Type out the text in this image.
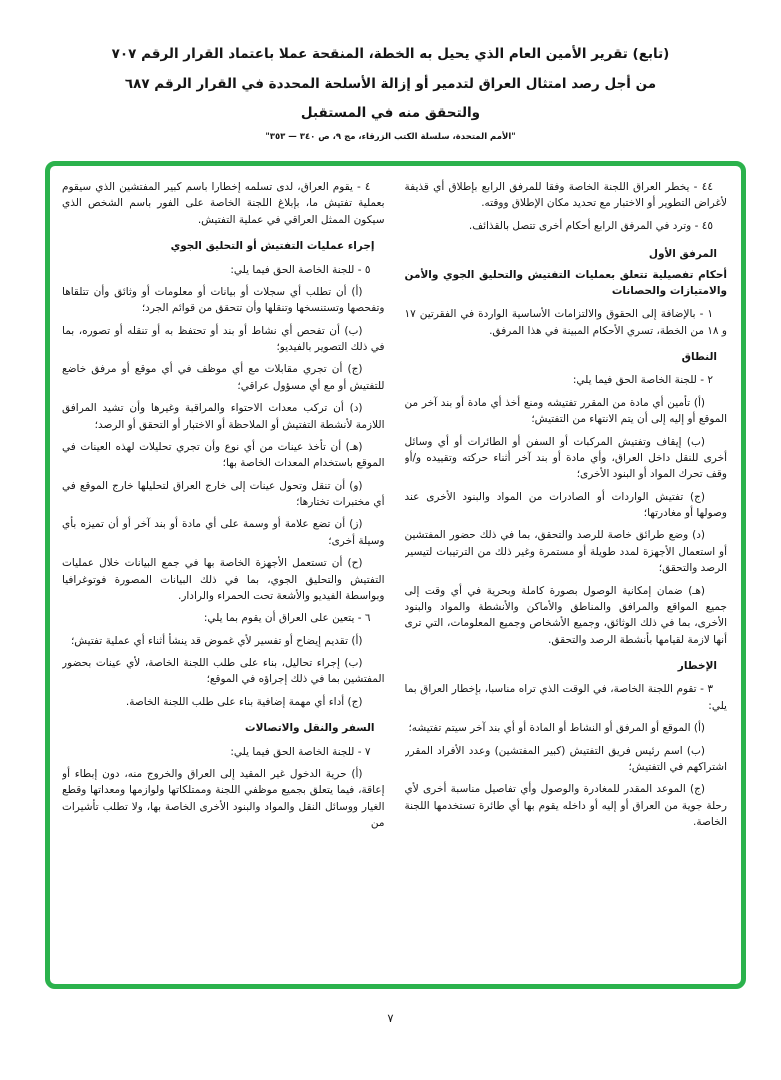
(تابع) تقرير الأمين العام الذي يحيل به الخطة، المنقحة عملا باعتماد القرار الرقم ٧٠٧
من أجل رصد امتثال العراق لتدمير أو إزالة الأسلحة المحددة في القرار الرقم ٦٨٧
والتحقق منه في المستقبل
"الأمم المتحدة، سلسلة الكتب الزرقاء، مج ٩، ص ٣٤٠ — ٣٥٣"
٤٤ - يخطر العراق اللجنة الخاصة وفقا للمرفق الرابع بإطلاق أي قذيفة لأغراض التطوير أو الاختبار مع تحديد مكان الإطلاق ووقته.
٤٥ - وترد في المرفق الرابع أحكام أخرى تتصل بالقذائف.
المرفق الأول
أحكام تفصيلية تتعلق بعمليات التفتيش والتحليق الجوي والأمن والامتيازات والحصانات
١ - بالإضافة إلى الحقوق والالتزامات الأساسية الواردة في الفقرتين ١٧ و ١٨ من الخطة، تسري الأحكام المبينة في هذا المرفق.
النطاق
٢ - للجنة الخاصة الحق فيما يلي:
(أ) تأمين أي مادة من المقرر تفتيشه ومنع أخذ أي مادة أو بند آخر من الموقع أو إليه إلى أن يتم الانتهاء من التفتيش؛
(ب) إيقاف وتفتيش المركبات أو السفن أو الطائرات أو أي وسائل أخرى للنقل داخل العراق، وأي مادة أو بند آخر أثناء حركته وتقييده و/أو وقف تحرك المواد أو البنود الأخرى؛
(ج) تفتيش الواردات أو الصادرات من المواد والبنود الأخرى عند وصولها أو مغادرتها؛
(د) وضع طرائق خاصة للرصد والتحقق، بما في ذلك حضور المفتشين أو استعمال الأجهزة لمدد طويلة أو مستمرة وغير ذلك من الترتيبات لتيسير الرصد والتحقق؛
(هـ) ضمان إمكانية الوصول بصورة كاملة وبحرية في أي وقت إلى جميع المواقع والمرافق والمناطق والأماكن والأنشطة والمواد والبنود الأخرى، بما في ذلك الوثائق، وجميع الأشخاص وجميع المعلومات، التي ترى أنها لازمة لقيامها بأنشطة الرصد والتحقق.
الإخطار
٣ - تقوم اللجنة الخاصة، في الوقت الذي تراه مناسبا، بإخطار العراق بما يلي:
(أ) الموقع أو المرفق أو النشاط أو المادة أو أي بند آخر سيتم تفتيشه؛
(ب) اسم رئيس فريق التفتيش (كبير المفتشين) وعدد الأفراد المقرر اشتراكهم في التفتيش؛
(ج) الموعد المقدر للمغادرة والوصول وأي تفاصيل مناسبة أخرى لأي رحلة جوية من العراق أو إليه أو داخله يقوم بها أي طائرة تستخدمها اللجنة الخاصة.
٤ - يقوم العراق، لدى تسلمه إخطارا باسم كبير المفتشين الذي سيقوم بعملية تفتيش ما، بإبلاغ اللجنة الخاصة على الفور باسم الشخص الذي سيكون الممثل العراقي في عملية التفتيش.
إجراء عمليات التفتيش أو التحليق الجوي
٥ - للجنة الخاصة الحق فيما يلي:
(أ) أن تطلب أي سجلات أو بيانات أو معلومات أو وثائق وأن تتلقاها وتفحصها وتستنسخها وتنقلها وأن تتحقق من قوائم الجرد؛
(ب) أن تفحص أي نشاط أو بند أو تحتفظ به أو تنقله أو تصوره، بما في ذلك التصوير بالفيديو؛
(ج) أن تجري مقابلات مع أي موظف في أي موقع أو مرفق خاضع للتفتيش أو مع أي مسؤول عراقي؛
(د) أن تركب معدات الاحتواء والمراقبة وغيرها وأن تشيد المرافق اللازمة لأنشطة التفتيش أو الملاحظة أو الاختبار أو التحقق أو الرصد؛
(هـ) أن تأخذ عينات من أي نوع وأن تجري تحليلات لهذه العينات في الموقع باستخدام المعدات الخاصة بها؛
(و) أن تنقل وتحول عينات إلى خارج العراق لتحليلها خارج الموقع في أي مختبرات تختارها؛
(ز) أن تضع علامة أو وسمة على أي مادة أو بند آخر أو أن تميزه بأي وسيلة أخرى؛
(ح) أن تستعمل الأجهزة الخاصة بها في جمع البيانات خلال عمليات التفتيش والتحليق الجوي، بما في ذلك البيانات المصورة فوتوغرافيا وبواسطة الفيديو والأشعة تحت الحمراء والرادار.
٦ - يتعين على العراق أن يقوم بما يلي:
(أ) تقديم إيضاح أو تفسير لأي غموض قد ينشأ أثناء أي عملية تفتيش؛
(ب) إجراء تحاليل، بناء على طلب اللجنة الخاصة، لأي عينات بحضور المفتشين بما في ذلك إجراؤه في الموقع؛
(ج) أداء أي مهمة إضافية بناء على طلب اللجنة الخاصة.
السفر والنقل والاتصالات
٧ - للجنة الخاصة الحق فيما يلي:
(أ) حرية الدخول غير المقيد إلى العراق والخروج منه، دون إبطاء أو إعاقة، فيما يتعلق بجميع موظفي اللجنة وممتلكاتها ولوازمها ومعداتها وقطع الغيار ووسائل النقل والمواد والبنود الأخرى الخاصة بها، ولا تطلب تأشيرات من
٧
